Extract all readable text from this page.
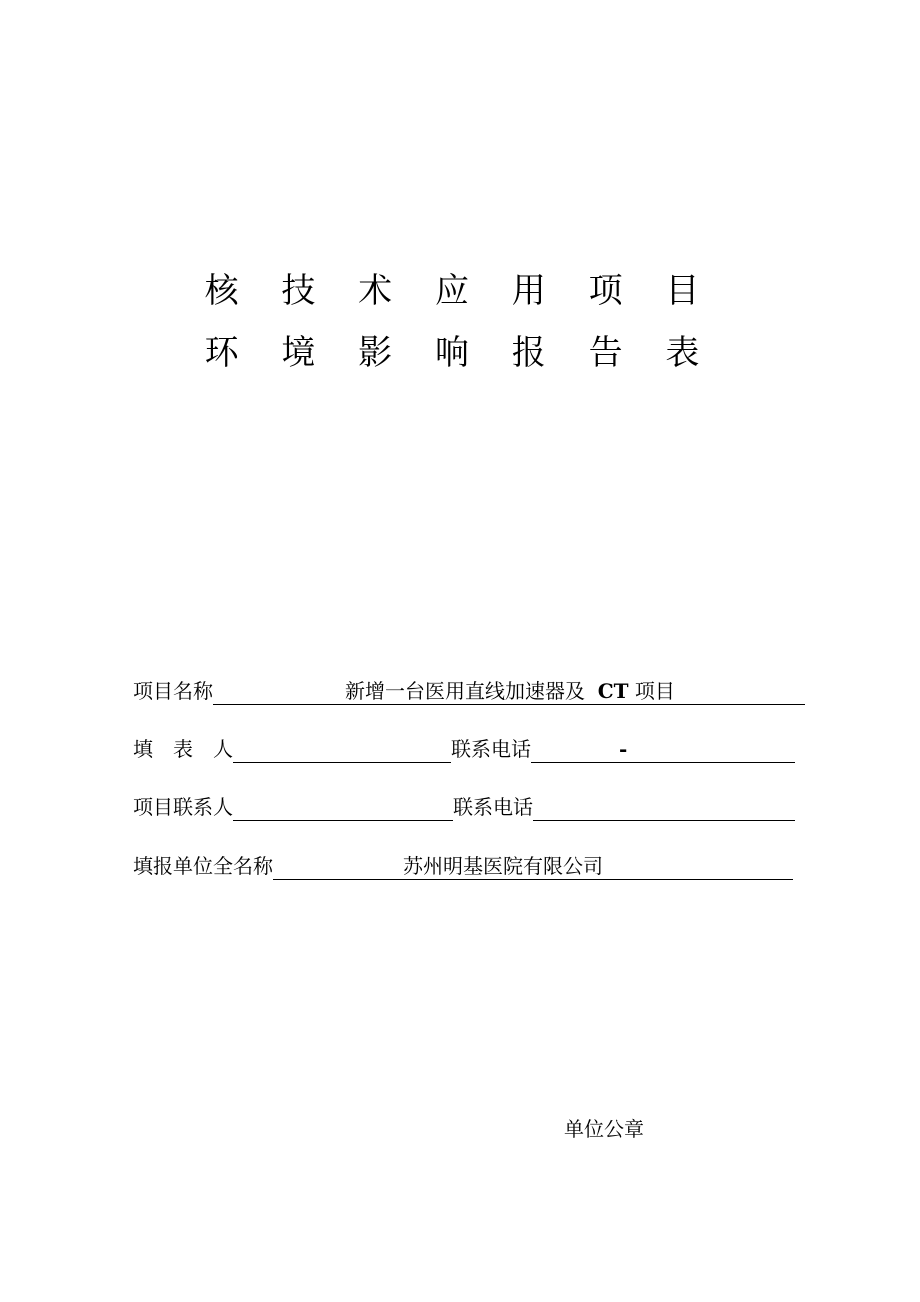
核 技 术 应 用 项 目
环 境 影 响 报 告 表
项目名称	新增一台医用直线加速器及 CT 项目
填　表　人	联系电话	-
项目联系人	联系电话
填报单位全名称	苏州明基医院有限公司
单位公章
